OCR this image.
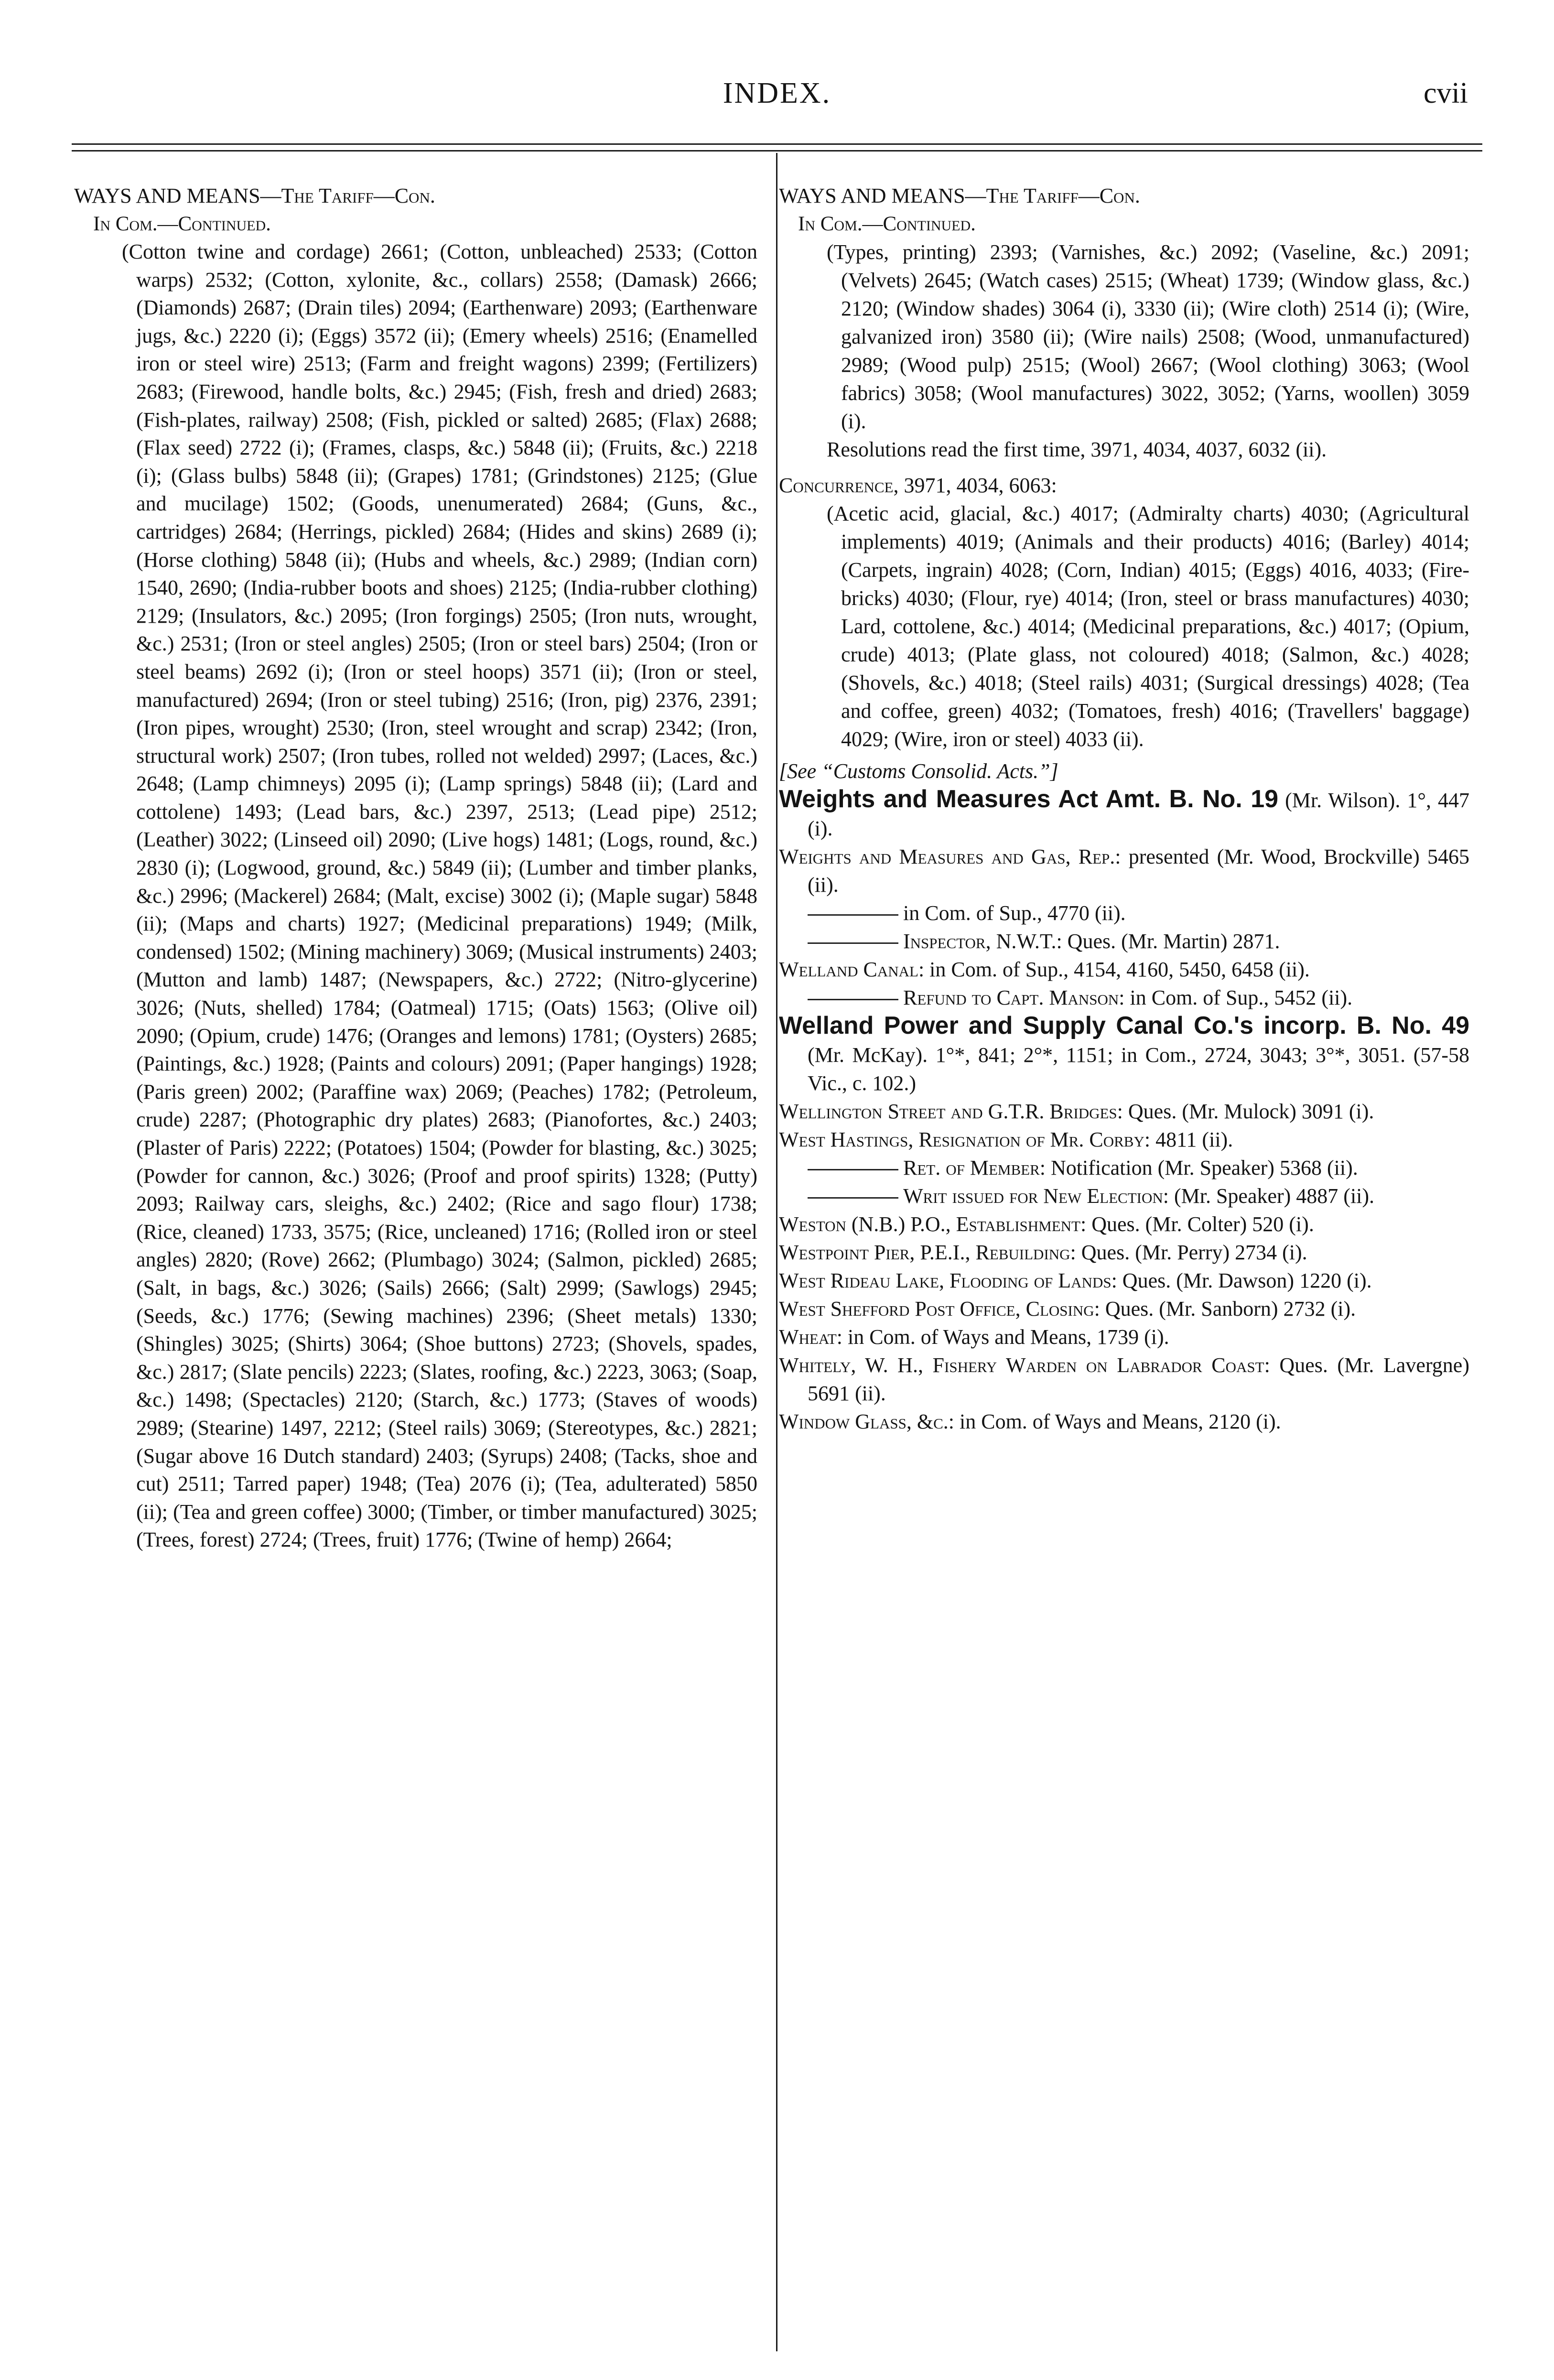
INDEX.	cvii

WAYS AND MEANS—The Tariff—Con.

In Com.—Continued.

(Cotton twine and cordage) 2661; (Cotton, unbleached) 2533; (Cotton warps) 2532; (Cotton, xylonite, &c., collars) 2558; (Damask) 2666; (Diamonds) 2687; (Drain tiles) 2094; (Earthenware) 2093; (Earthenware jugs, &c.) 2220 (i); (Eggs) 3572 (ii); (Emery wheels) 2516; (Enamelled iron or steel wire) 2513; (Farm and freight wagons) 2399; (Fertilizers) 2683; (Firewood, handle bolts, &c.) 2945; (Fish, fresh and dried) 2683; (Fish-plates, railway) 2508; (Fish, pickled or salted) 2685; (Flax) 2688; (Flax seed) 2722 (i); (Frames, clasps, &c.) 5848 (ii); (Fruits, &c.) 2218 (i); (Glass bulbs) 5848 (ii); (Grapes) 1781; (Grindstones) 2125; (Glue and mucilage) 1502; (Goods, unenumerated) 2684; (Guns, &c., cartridges) 2684; (Herrings, pickled) 2684; (Hides and skins) 2689 (i); (Horse clothing) 5848 (ii); (Hubs and wheels, &c.) 2989; (Indian corn) 1540, 2690; (India-rubber boots and shoes) 2125; (India-rubber clothing) 2129; (Insulators, &c.) 2095; (Iron forgings) 2505; (Iron nuts, wrought, &c.) 2531; (Iron or steel angles) 2505; (Iron or steel bars) 2504; (Iron or steel beams) 2692 (i); (Iron or steel hoops) 3571 (ii); (Iron or steel, manufactured) 2694; (Iron or steel tubing) 2516; (Iron, pig) 2376, 2391; (Iron pipes, wrought) 2530; (Iron, steel wrought and scrap) 2342; (Iron, structural work) 2507; (Iron tubes, rolled not welded) 2997; (Laces, &c.) 2648; (Lamp chimneys) 2095 (i); (Lamp springs) 5848 (ii); (Lard and cottolene) 1493; (Lead bars, &c.) 2397, 2513; (Lead pipe) 2512; (Leather) 3022; (Linseed oil) 2090; (Live hogs) 1481; (Logs, round, &c.) 2830 (i); (Logwood, ground, &c.) 5849 (ii); (Lumber and timber planks, &c.) 2996; (Mackerel) 2684; (Malt, excise) 3002 (i); (Maple sugar) 5848 (ii); (Maps and charts) 1927; (Medicinal preparations) 1949; (Milk, condensed) 1502; (Mining machinery) 3069; (Musical instruments) 2403; (Mutton and lamb) 1487; (Newspapers, &c.) 2722; (Nitro-glycerine) 3026; (Nuts, shelled) 1784; (Oatmeal) 1715; (Oats) 1563; (Olive oil) 2090; (Opium, crude) 1476; (Oranges and lemons) 1781; (Oysters) 2685; (Paintings, &c.) 1928; (Paints and colours) 2091; (Paper hangings) 1928; (Paris green) 2002; (Paraffine wax) 2069; (Peaches) 1782; (Petroleum, crude) 2287; (Photographic dry plates) 2683; (Pianofortes, &c.) 2403; (Plaster of Paris) 2222; (Potatoes) 1504; (Powder for blasting, &c.) 3025; (Powder for cannon, &c.) 3026; (Proof and proof spirits) 1328; (Putty) 2093; Railway cars, sleighs, &c.) 2402; (Rice and sago flour) 1738; (Rice, cleaned) 1733, 3575; (Rice, uncleaned) 1716; (Rolled iron or steel angles) 2820; (Rove) 2662; (Plumbago) 3024; (Salmon, pickled) 2685; (Salt, in bags, &c.) 3026; (Sails) 2666; (Salt) 2999; (Sawlogs) 2945; (Seeds, &c.) 1776; (Sewing machines) 2396; (Sheet metals) 1330; (Shingles) 3025; (Shirts) 3064; (Shoe buttons) 2723; (Shovels, spades, &c.) 2817; (Slate pencils) 2223; (Slates, roofing, &c.) 2223, 3063; (Soap, &c.) 1498; (Spectacles) 2120; (Starch, &c.) 1773; (Staves of woods) 2989; (Stearine) 1497, 2212; (Steel rails) 3069; (Stereotypes, &c.) 2821; (Sugar above 16 Dutch standard) 2403; (Syrups) 2408; (Tacks, shoe and cut) 2511; Tarred paper) 1948; (Tea) 2076 (i); (Tea, adulterated) 5850 (ii); (Tea and green coffee) 3000; (Timber, or timber manufactured) 3025; (Trees, forest) 2724; (Trees, fruit) 1776; (Twine of hemp) 2664;

WAYS AND MEANS—The Tariff—Con.

In Com.—Continued.

(Types, printing) 2393; (Varnishes, &c.) 2092; (Vaseline, &c.) 2091; (Velvets) 2645; (Watch cases) 2515; (Wheat) 1739; (Window glass, &c.) 2120; (Window shades) 3064 (i), 3330 (ii); (Wire cloth) 2514 (i); (Wire, galvanized iron) 3580 (ii); (Wire nails) 2508; (Wood, unmanufactured) 2989; (Wood pulp) 2515; (Wool) 2667; (Wool clothing) 3063; (Wool fabrics) 3058; (Wool manufactures) 3022, 3052; (Yarns, woollen) 3059 (i).

Resolutions read the first time, 3971, 4034, 4037, 6032 (ii).

Concurrence, 3971, 4034, 6063:

(Acetic acid, glacial, &c.) 4017; (Admiralty charts) 4030; (Agricultural implements) 4019; (Animals and their products) 4016; (Barley) 4014; (Carpets, ingrain) 4028; (Corn, Indian) 4015; (Eggs) 4016, 4033; (Fire-bricks) 4030; (Flour, rye) 4014; (Iron, steel or brass manufactures) 4030; Lard, cottolene, &c.) 4014; (Medicinal preparations, &c.) 4017; (Opium, crude) 4013; (Plate glass, not coloured) 4018; (Salmon, &c.) 4028; (Shovels, &c.) 4018; (Steel rails) 4031; (Surgical dressings) 4028; (Tea and coffee, green) 4032; (Tomatoes, fresh) 4016; (Travellers' baggage) 4029; (Wire, iron or steel) 4033 (ii).

[See “Customs Consolid. Acts.”]

Weights and Measures Act Amt. B. No. 19 (Mr. Wilson). 1°, 447 (i).

Weights and Measures and Gas, Rep.: presented (Mr. Wood, Brockville) 5465 (ii).

in Com. of Sup., 4770 (ii).

Inspector, N.W.T.: Ques. (Mr. Martin) 2871.

Welland Canal: in Com. of Sup., 4154, 4160, 5450, 6458 (ii).

Refund to Capt. Manson: in Com. of Sup., 5452 (ii).

Welland Power and Supply Canal Co.'s incorp. B. No. 49 (Mr. McKay). 1°*, 841; 2°*, 1151; in Com., 2724, 3043; 3°*, 3051. (57-58 Vic., c. 102.)

Wellington Street and G.T.R. Bridges: Ques. (Mr. Mulock) 3091 (i).

West Hastings, Resignation of Mr. Corby: 4811 (ii).

Ret. of Member: Notification (Mr. Speaker) 5368 (ii).

Writ issued for New Election: (Mr. Speaker) 4887 (ii).

Weston (N.B.) P.O., Establishment: Ques. (Mr. Colter) 520 (i).

Westpoint Pier, P.E.I., Rebuilding: Ques. (Mr. Perry) 2734 (i).

West Rideau Lake, Flooding of Lands: Ques. (Mr. Dawson) 1220 (i).

West Shefford Post Office, Closing: Ques. (Mr. Sanborn) 2732 (i).

Wheat: in Com. of Ways and Means, 1739 (i).

Whitely, W. H., Fishery Warden on Labrador Coast: Ques. (Mr. Lavergne) 5691 (ii).

Window Glass, &c.: in Com. of Ways and Means, 2120 (i).
